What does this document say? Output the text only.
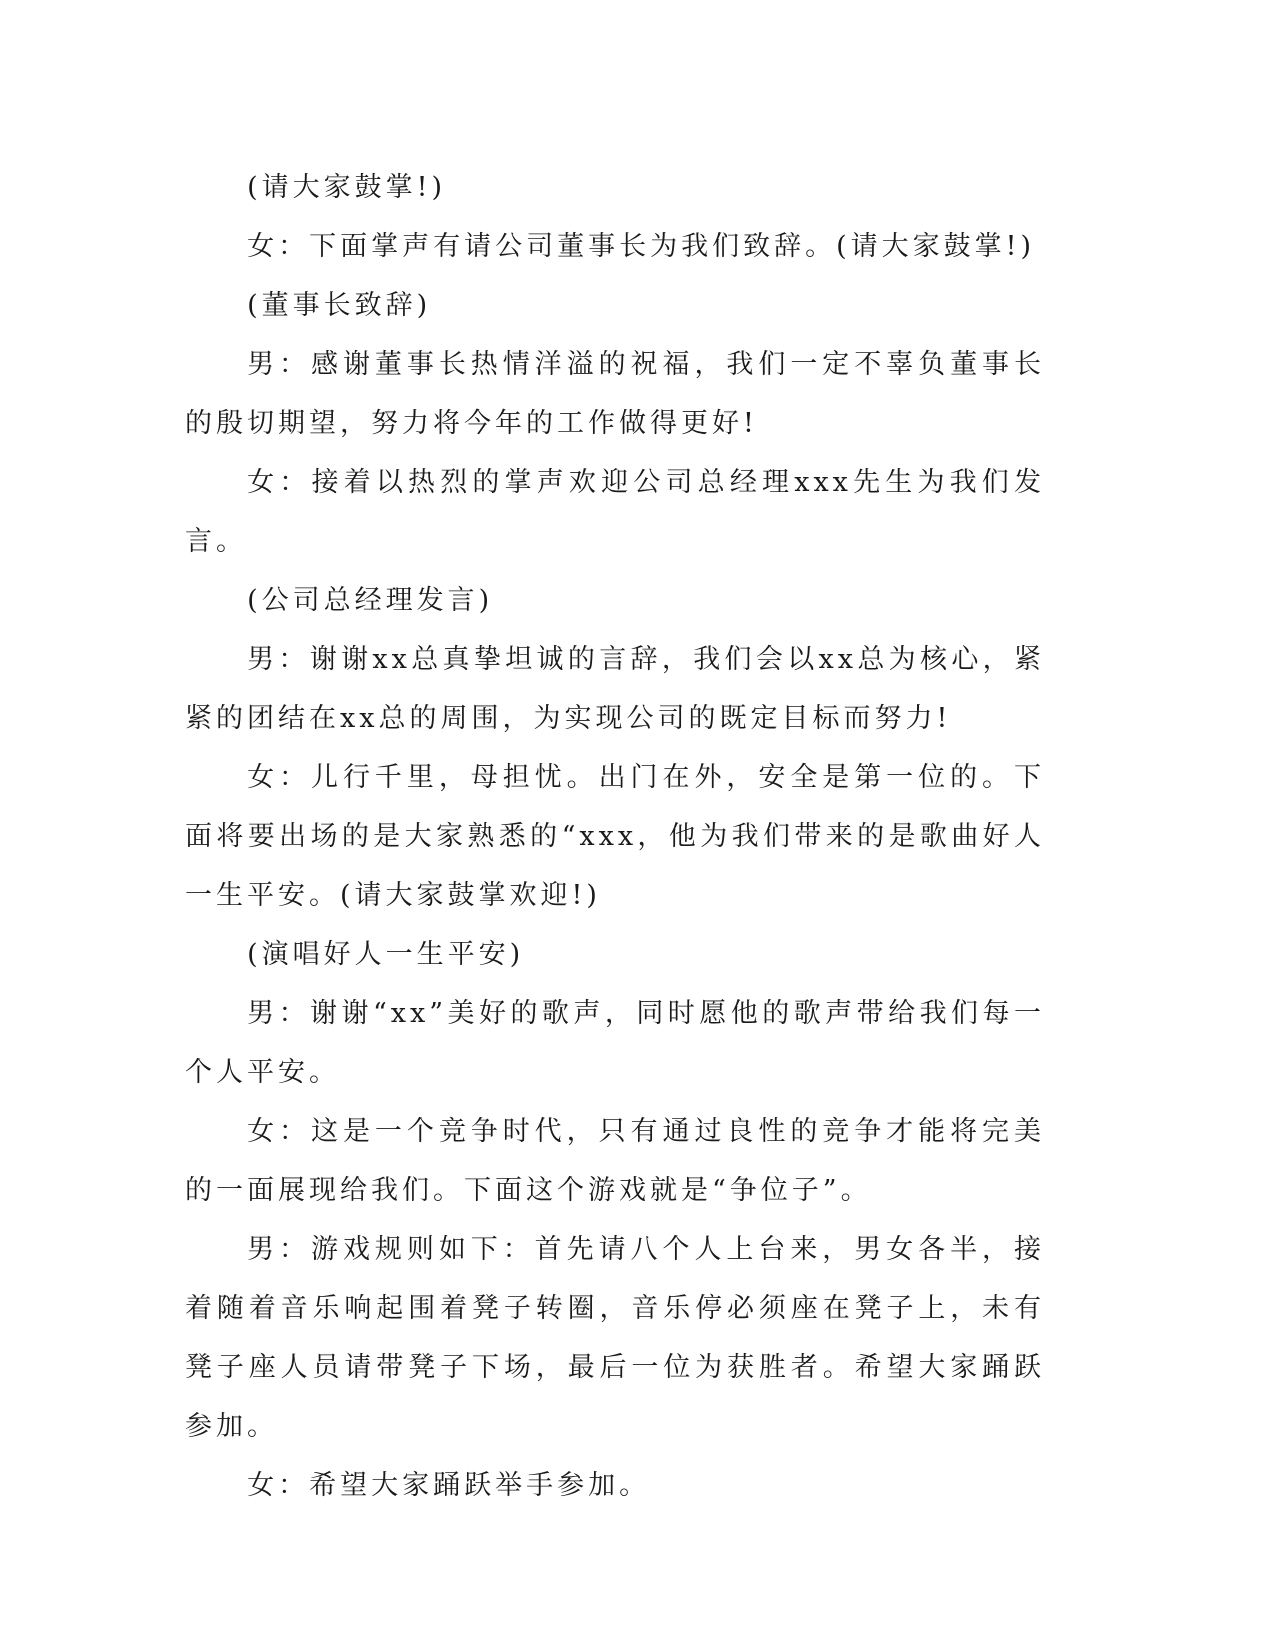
(请大家鼓掌!)

女：下面掌声有请公司董事长为我们致辞。(请大家鼓掌!)

(董事长致辞)

男：感谢董事长热情洋溢的祝福，我们一定不辜负董事长的殷切期望，努力将今年的工作做得更好!

女：接着以热烈的掌声欢迎公司总经理xxx先生为我们发言。

(公司总经理发言)

男：谢谢xx总真挚坦诚的言辞，我们会以xx总为核心，紧紧的团结在xx总的周围，为实现公司的既定目标而努力!

女：儿行千里，母担忧。出门在外，安全是第一位的。下面将要出场的是大家熟悉的“xxx，他为我们带来的是歌曲好人一生平安。(请大家鼓掌欢迎!)

(演唱好人一生平安)

男：谢谢“xx”美好的歌声，同时愿他的歌声带给我们每一个人平安。

女：这是一个竞争时代，只有通过良性的竞争才能将完美的一面展现给我们。下面这个游戏就是“争位子”。

男：游戏规则如下：首先请八个人上台来，男女各半，接着随着音乐响起围着凳子转圈，音乐停必须座在凳子上，未有凳子座人员请带凳子下场，最后一位为获胜者。希望大家踊跃参加。

女：希望大家踊跃举手参加。
